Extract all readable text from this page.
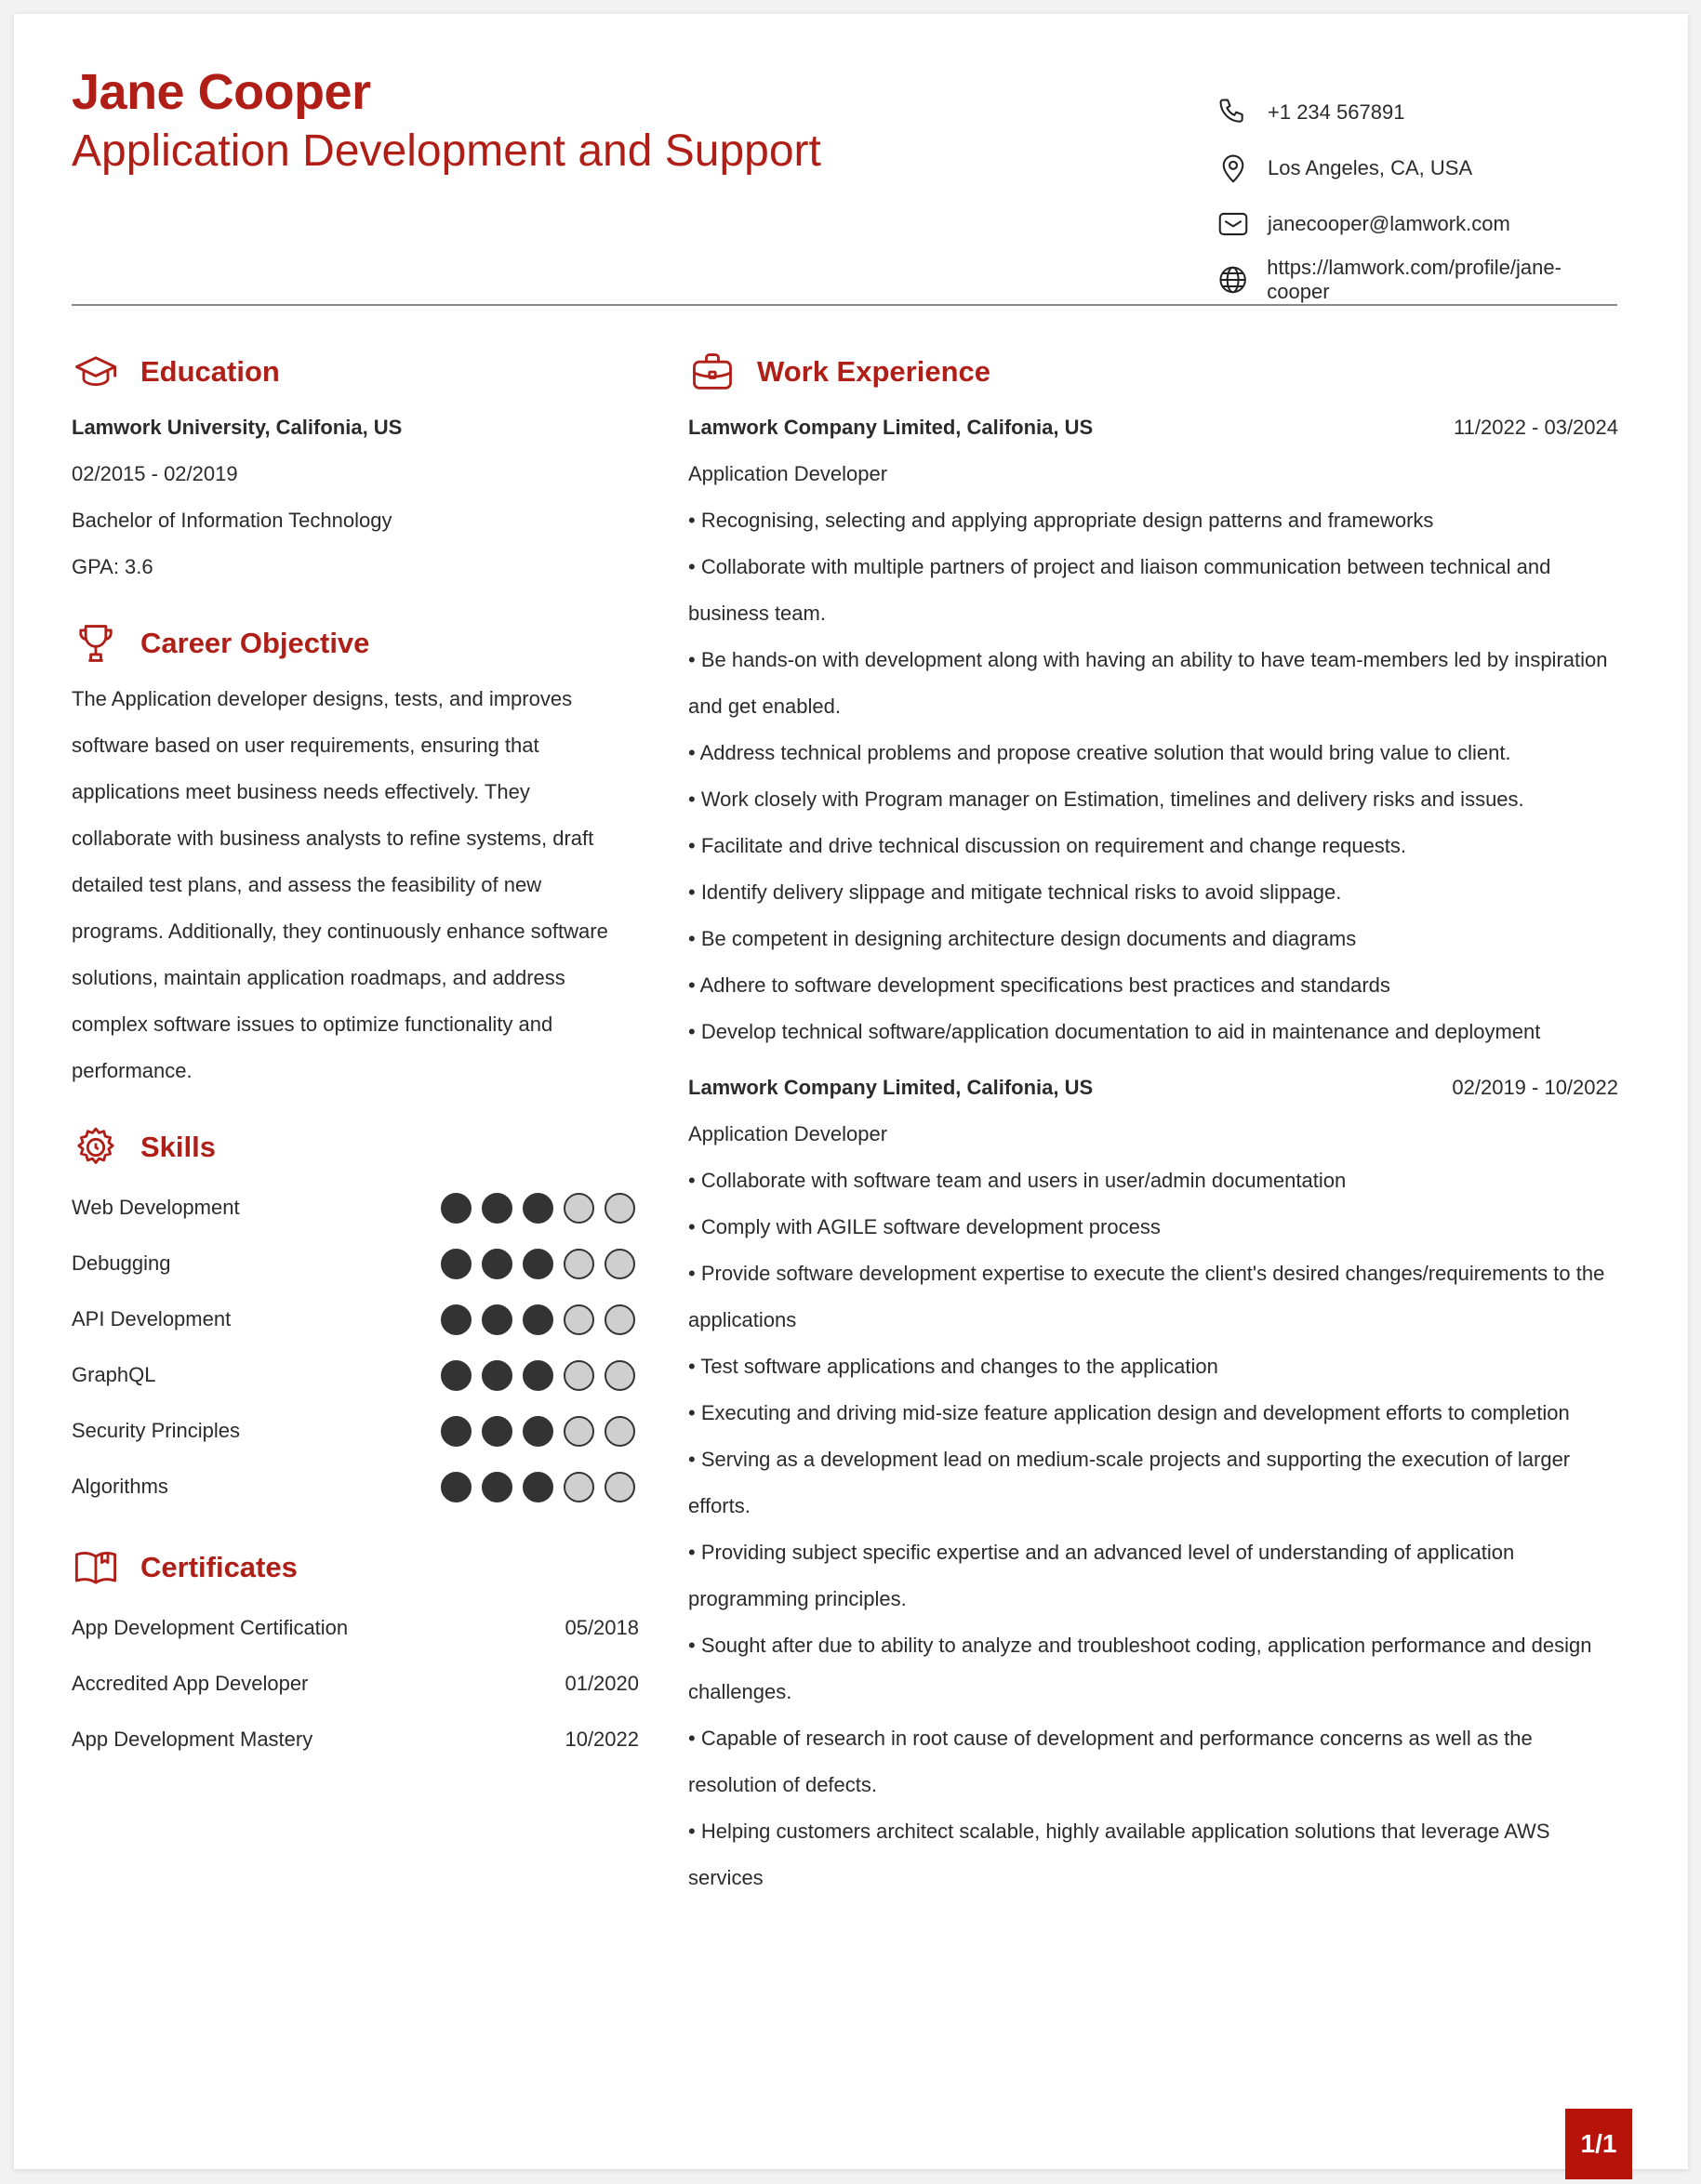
Jane Cooper
Application Development and Support
+1 234 567891
Los Angeles, CA, USA
janecooper@lamwork.com
https://lamwork.com/profile/jane-cooper
Education
Lamwork University, Califonia, US
02/2015 - 02/2019
Bachelor of Information Technology
GPA: 3.6
Career Objective
The Application developer designs, tests, and improves software based on user requirements, ensuring that applications meet business needs effectively. They collaborate with business analysts to refine systems, draft detailed test plans, and assess the feasibility of new programs. Additionally, they continuously enhance software solutions, maintain application roadmaps, and address complex software issues to optimize functionality and performance.
Skills
Web Development
Debugging
API Development
GraphQL
Security Principles
Algorithms
Certificates
App Development Certification	05/2018
Accredited App Developer	01/2020
App Development Mastery	10/2022
Work Experience
Lamwork Company Limited, Califonia, US	11/2022 - 03/2024
Application Developer
• Recognising, selecting and applying appropriate design patterns and frameworks
• Collaborate with multiple partners of project and liaison communication between technical and business team.
• Be hands-on with development along with having an ability to have team-members led by inspiration and get enabled.
• Address technical problems and propose creative solution that would bring value to client.
• Work closely with Program manager on Estimation, timelines and delivery risks and issues.
• Facilitate and drive technical discussion on requirement and change requests.
• Identify delivery slippage and mitigate technical risks to avoid slippage.
• Be competent in designing architecture design documents and diagrams
• Adhere to software development specifications best practices and standards
• Develop technical software/application documentation to aid in maintenance and deployment
Lamwork Company Limited, Califonia, US	02/2019 - 10/2022
Application Developer
• Collaborate with software team and users in user/admin documentation
• Comply with AGILE software development process
• Provide software development expertise to execute the client's desired changes/requirements to the applications
• Test software applications and changes to the application
• Executing and driving mid-size feature application design and development efforts to completion
• Serving as a development lead on medium-scale projects and supporting the execution of larger efforts.
• Providing subject specific expertise and an advanced level of understanding of application programming principles.
• Sought after due to ability to analyze and troubleshoot coding, application performance and design challenges.
• Capable of research in root cause of development and performance concerns as well as the resolution of defects.
• Helping customers architect scalable, highly available application solutions that leverage AWS services
1/1
